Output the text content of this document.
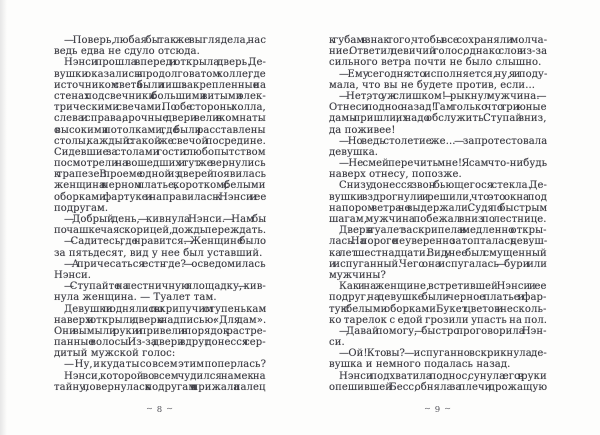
— Поверь, любая бы так же выглядела, нас
ведь едва не сдуло отсюда.
Нэнси прошла вперед и открыла дверь. Де-
вушки оказались в продолговатом холле, где
источником света были лишь закрепленные на
стенах подсвечники с большими витыми элек-
трическими свечами. По обе стороны холла,
слева и справа, арочные двери вели в комнаты
с высокими потолками, где были расставлены
столы, каждый с такой же свечой посредине.
Сидевшие за столами гости с любопытством
посмотрели на вошедших и тут же вернулись
к трапезе. В проеме одной из дверей появилась
женщина в черном платье, коротком, с белыми
оборками фартуке и направилась к Нэнси и ее
подругам.
— Добрый день, — кивнула Нэнси. — Нам бы
по чашке чая с корицей, дождь переждать.
— Садитесь, где нравится. — Женщине было
за пятьдесят, вид у нее был уставший.
— А причесаться есть где? — осведомилась
Нэнси.
— Ступайте на лестничную площадку, — кив-
нула женщина. — Туалет там.
Девушки поднялись по скрипучим ступенькам
наверх и открыли дверь с надписью: «Для дам».
Они вымыли руки и привели в порядок растре-
панные волосы. Из-за двери вдруг донесся сер-
дитый мужской голос:
— Ну, и куда ты со всем этим поперлась?
Нэнси, которой во всем чудился намек на
тайну, повернулась к подругам и прижала палец
∼ 8 ∼
к губам в знак того, чтобы все сохраняли молча-
ние. Ответил девичий голос, однако слов из-за
сильного ветра почти не было слышно.
— Ему сегодня сто исполняется, ну, я и поду-
мала, что вы не будете против, если...
— Нет, это уж слишком! — рыкнул мужчина. —
Отнеси поднос назад! Там только что три юные
дамы пришли, их надо обслужить. Ступай вниз,
да поживее!
— Но ведь столетие же... — запротестовала
девушка.
— Не смей перечить мне! Я сам что-нибудь
наверх отнесу, попозже.
Снизу донесся звон бьющегося стекла. Де-
вушки вздрогнули и решили, что это окна под
напором ветра не выдержали. Судя по быстрым
шагам, мужчина побежал вниз по лестнице.
Дверь в туалет заскрипела и медленно откры-
лась. На пороге неуверенно затопталась девуш-
ка лет шестнадцати. Вид у нее был смущенный
и испуганный. Чего она испугалась — бури или
мужчины?
Как и на женщине, встретившей Нэнси и ее
подруг, на девушке были черное платье и фар-
тук с белыми оборками. Букет цветов и несколь-
ко тарелок с едой грозили упасть на пол.
— Давай помогу, — быстро проговорила Нэн-
си.
— Ой! Кто вы? — испуганно вскрикнула де-
вушка и немного подалась назад.
Нэнси подхватила поднос, сунула его в руки
опешившей Бесс, обняла за плечи дрожащую
∼ 9 ∼
